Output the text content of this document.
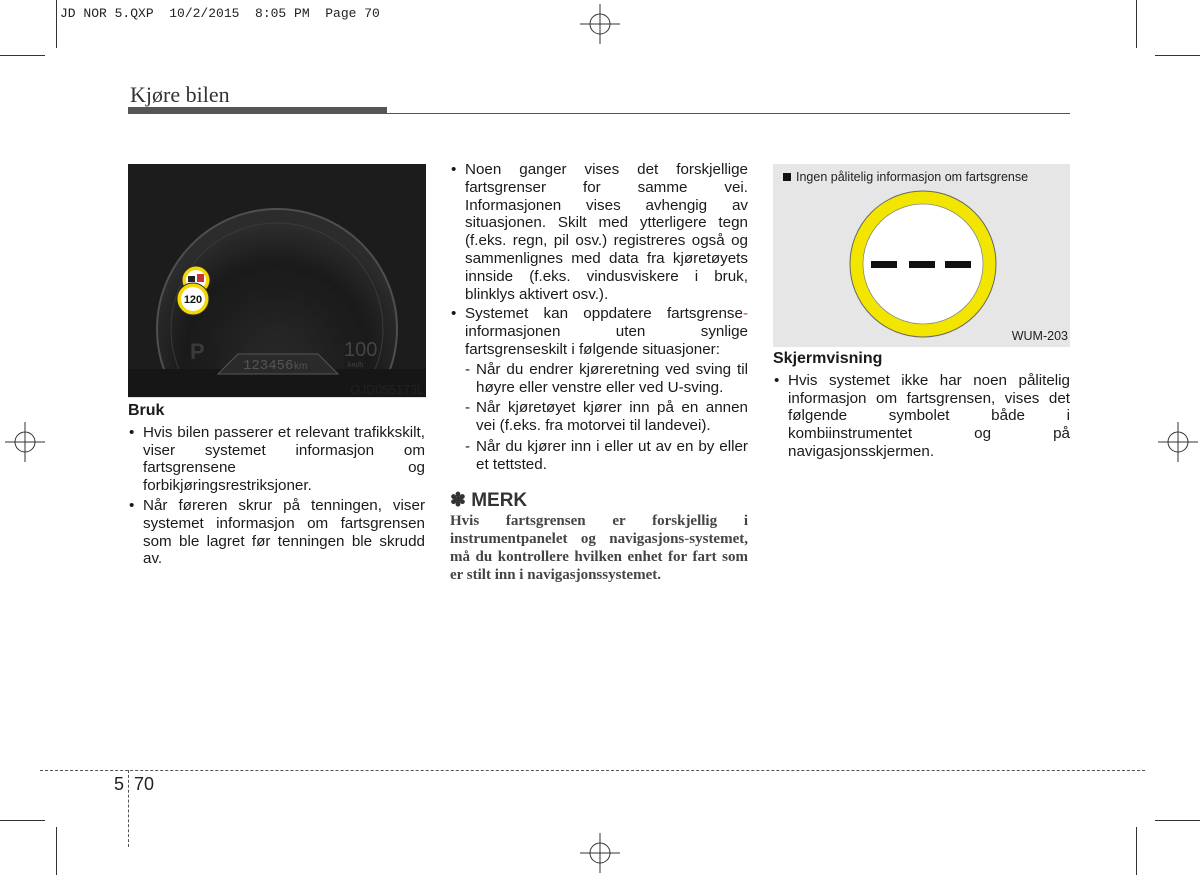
JD NOR 5.QXP  10/2/2015  8:05 PM  Page 70
Kjøre bilen
123456 km
100
km/h
P
120
OJD055173L
Bruk
• Hvis bilen passerer et relevant trafikkskilt, viser systemet informasjon om fartsgrensene og forbikjøringsrestriksjoner.
• Når føreren skrur på tenningen, viser systemet informasjon om fartsgrensen som ble lagret før tenningen ble skrudd av.
• Noen ganger vises det forskjellige fartsgrenser for samme vei. Informasjonen vises avhengig av situasjonen. Skilt med ytterligere tegn (f.eks. regn, pil osv.) registreres også og sammenlignes med data fra kjøretøyets innside (f.eks. vindusviskere i bruk, blinklys aktivert osv.).
• Systemet kan oppdatere fartsgrense- informasjonen uten synlige fartsgrenseskilt i følgende situasjoner:
- Når du endrer kjøreretning ved sving til høyre eller venstre eller ved U-sving.
- Når kjøretøyet kjører inn på en annen vei (f.eks. fra motorvei til landevei).
- Når du kjører inn i eller ut av en by eller et tettsted.
✽ MERK
Hvis fartsgrensen er forskjellig i instrumentpanelet og navigasjons-systemet, må du kontrollere hvilken enhet for fart som er stilt inn i navigasjonssystemet.
Ingen pålitelig informasjon om fartsgrense
WUM-203
Skjermvisning
• Hvis systemet ikke har noen pålitelig informasjon om fartsgrensen, vises det følgende symbolet både i kombiinstrumentet og på navigasjonsskjermen.
5 70
